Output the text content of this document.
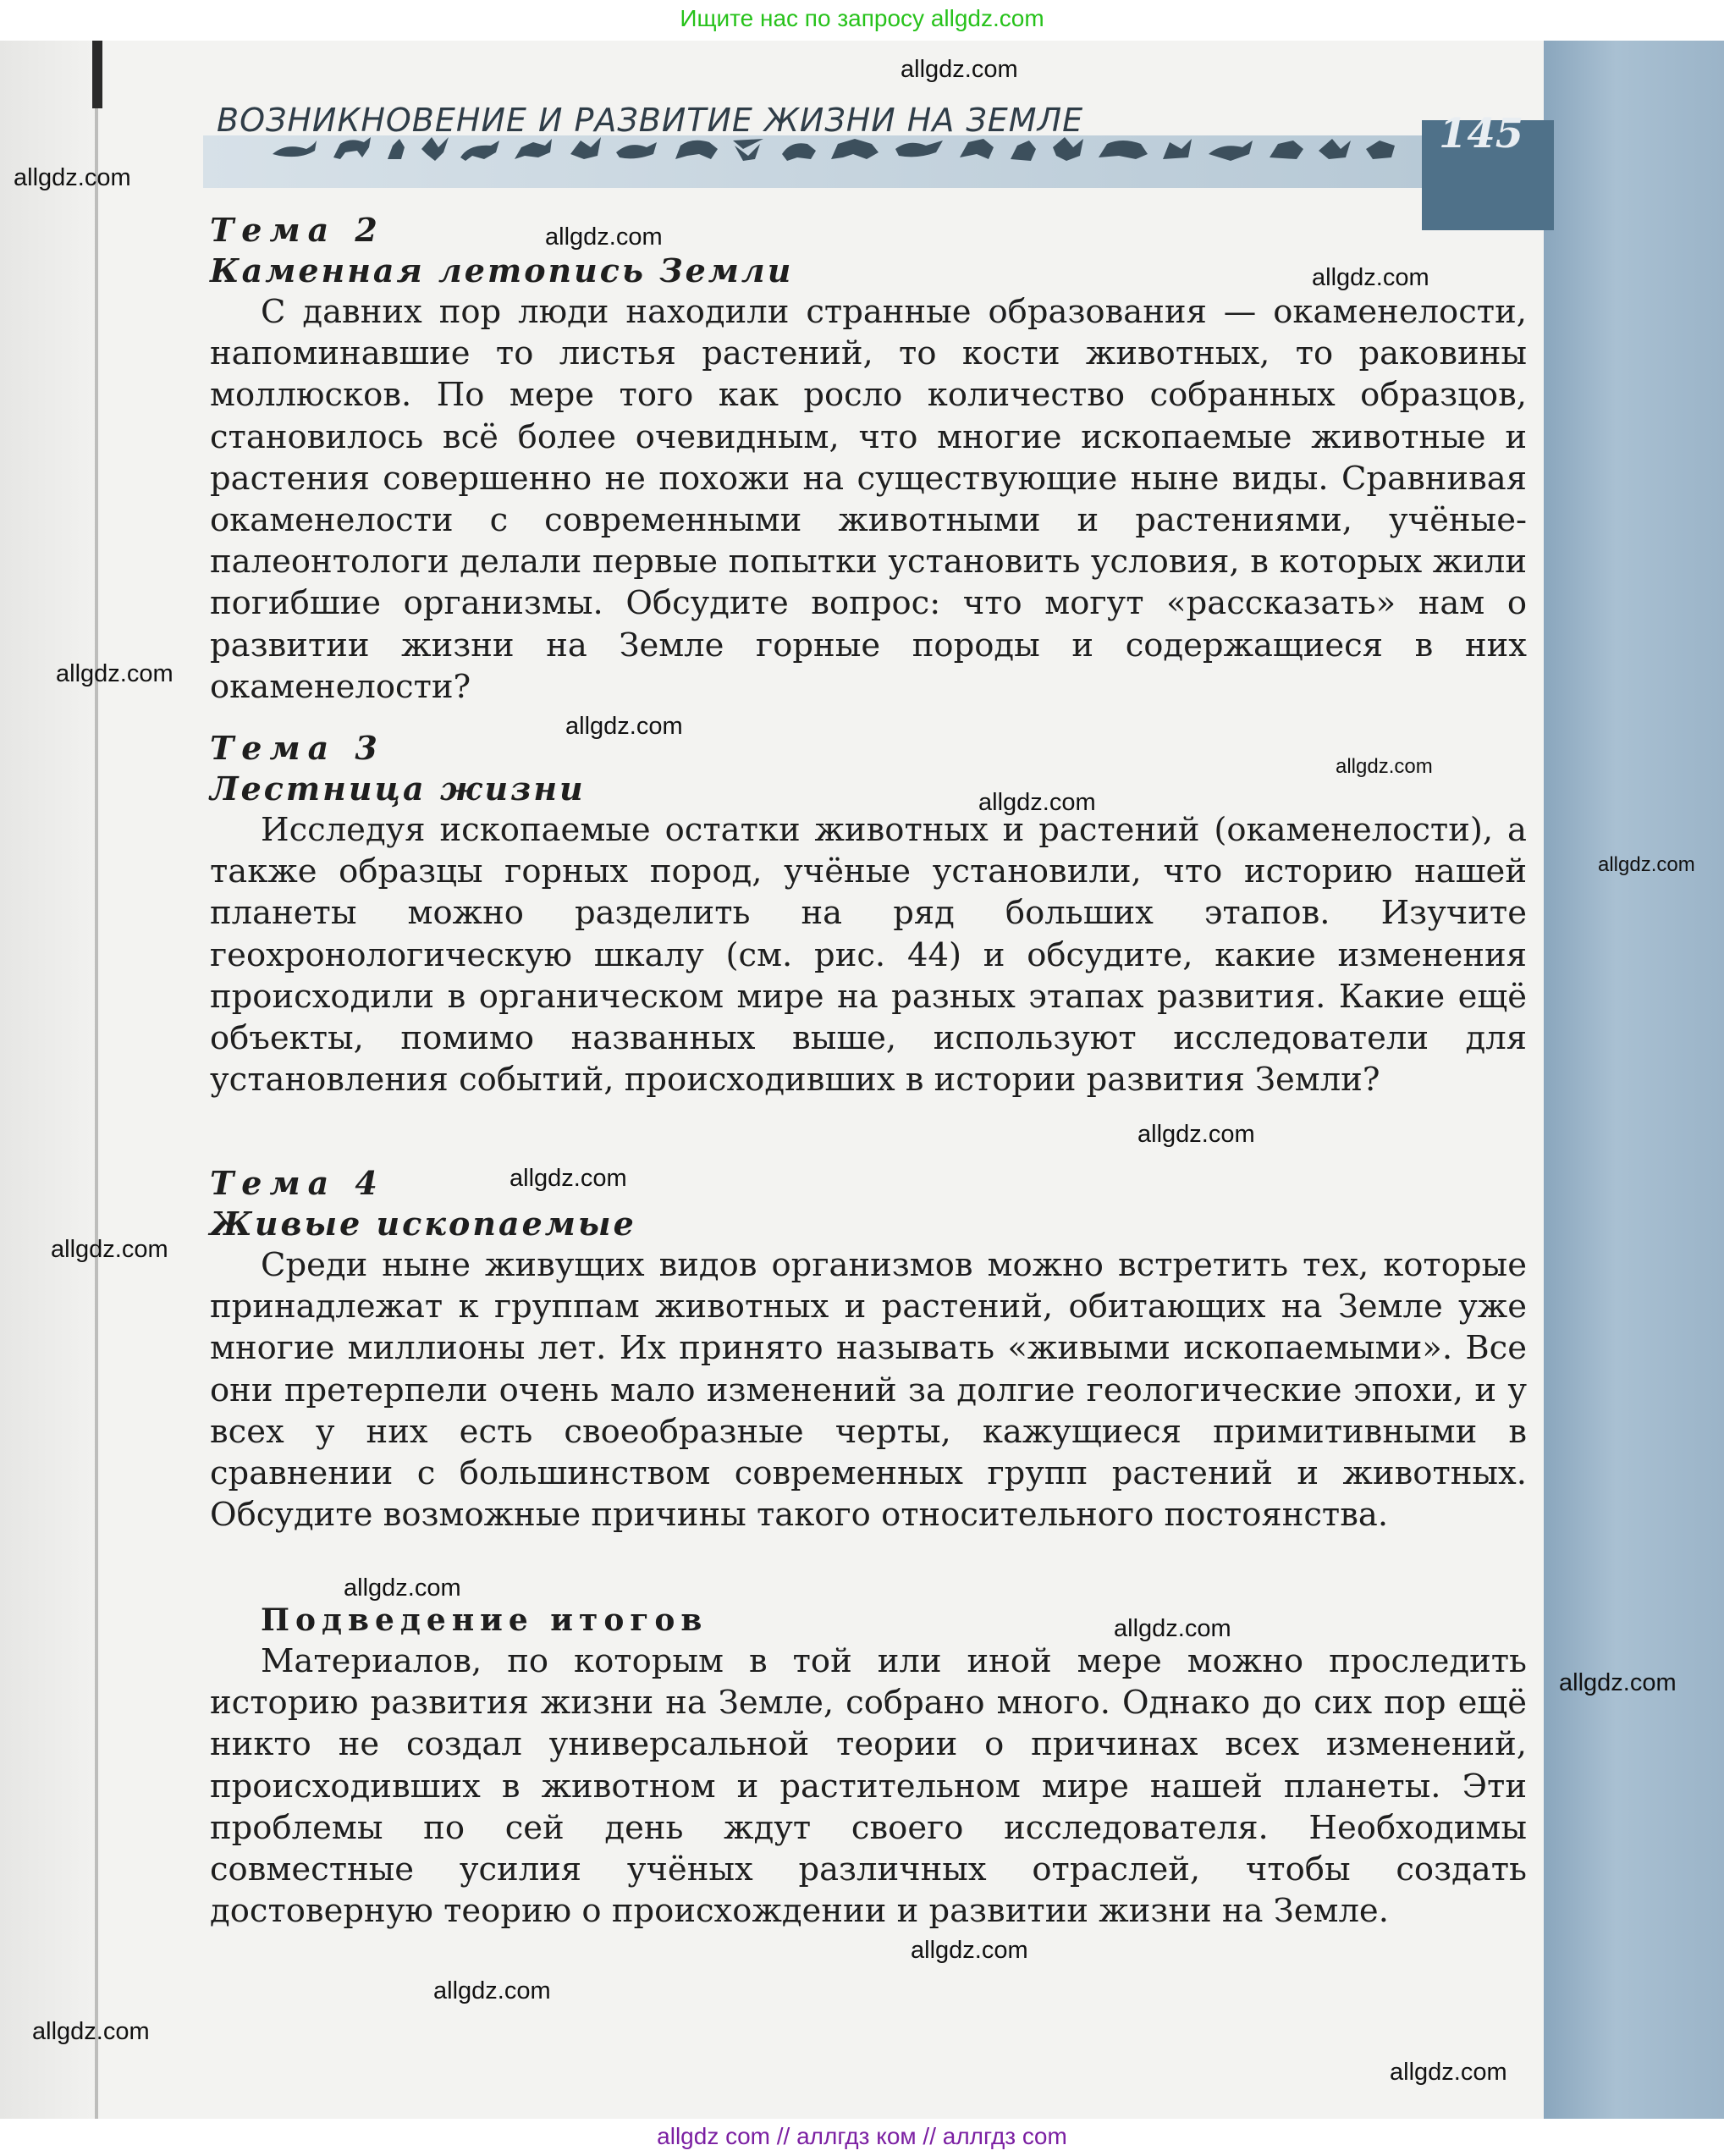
Ищите нас по запросу allgdz.com
ВОЗНИКНОВЕНИЕ И РАЗВИТИЕ ЖИЗНИ НА ЗЕМЛЕ	145
Тема 2
Каменная летопись Земли

С давних пор люди находили странные образования — окаменелости, напоминавшие то листья растений, то кости животных, то раковины моллюсков. По мере того как росло количество собранных образцов, становилось всё более очевидным, что многие ископаемые животные и растения совершенно не похожи на существующие ныне виды. Сравнивая окаменелости с современными животными и растениями, учёные-палеонтологи делали первые попытки установить условия, в которых жили погибшие организмы. Обсудите вопрос: что могут «рассказать» нам о развитии жизни на Земле горные породы и содержащиеся в них окаменелости?

Тема 3
Лестница жизни

Исследуя ископаемые остатки животных и растений (окаменелости), а также образцы горных пород, учёные установили, что историю нашей планеты можно разделить на ряд больших этапов. Изучите геохронологическую шкалу (см. рис. 44) и обсудите, какие изменения происходили в органическом мире на разных этапах развития. Какие ещё объекты, помимо названных выше, используют исследователи для установления событий, происходивших в истории развития Земли?

Тема 4
Живые ископаемые

Среди ныне живущих видов организмов можно встретить тех, которые принадлежат к группам животных и растений, обитающих на Земле уже многие миллионы лет. Их принято называть «живыми ископаемыми». Все они претерпели очень мало изменений за долгие геологические эпохи, и у всех у них есть своеобразные черты, кажущиеся примитивными в сравнении с большинством современных групп растений и животных. Обсудите возможные причины такого относительного постоянства.

Подведение итогов

Материалов, по которым в той или иной мере можно проследить историю развития жизни на Земле, собрано много. Однако до сих пор ещё никто не создал универсальной теории о причинах всех изменений, происходивших в животном и растительном мире нашей планеты. Эти проблемы по сей день ждут своего исследователя. Необходимы совместные усилия учёных различных отраслей, чтобы создать достоверную теорию о происхождении и развитии жизни на Земле.

allgdz.com
allgdz.com
allgdz.com
allgdz.com
allgdz.com
allgdz.com
allgdz.com
allgdz.com
allgdz.com
allgdz.com
allgdz.com
allgdz.com
allgdz.com
allgdz.com
allgdz.com
allgdz.com
allgdz.com
allgdz.com
allgdz.com
allgdz com // аллгдз ком // аллгдз com
